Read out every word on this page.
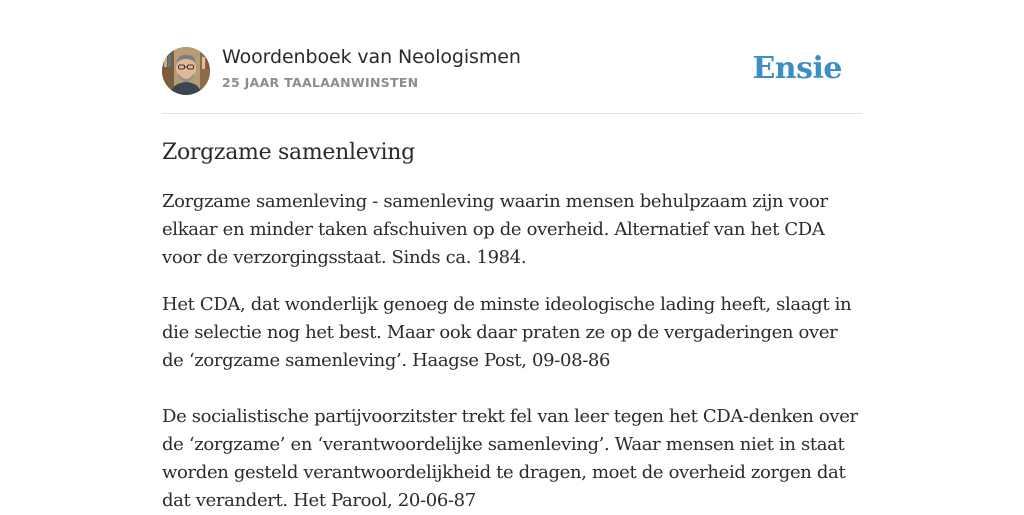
Woordenboek van Neologismen
25 JAAR TAALAANWINSTEN	Ensie
Zorgzame samenleving

Zorgzame samenleving - samenleving waarin mensen behulpzaam zijn voor elkaar en minder taken afschuiven op de overheid. Alternatief van het CDA voor de verzorgingsstaat. Sinds ca. 1984.

Het CDA, dat wonderlijk genoeg de minste ideologische lading heeft, slaagt in die selectie nog het best. Maar ook daar praten ze op de vergaderingen over de ‘zorgzame samenleving’. Haagse Post, 09-08-86

De socialistische partijvoorzitster trekt fel van leer tegen het CDA-denken over de ‘zorgzame’ en ‘verantwoordelijke samenleving’. Waar mensen niet in staat worden gesteld verantwoordelijkheid te dragen, moet de overheid zorgen dat dat verandert. Het Parool, 20-06-87
